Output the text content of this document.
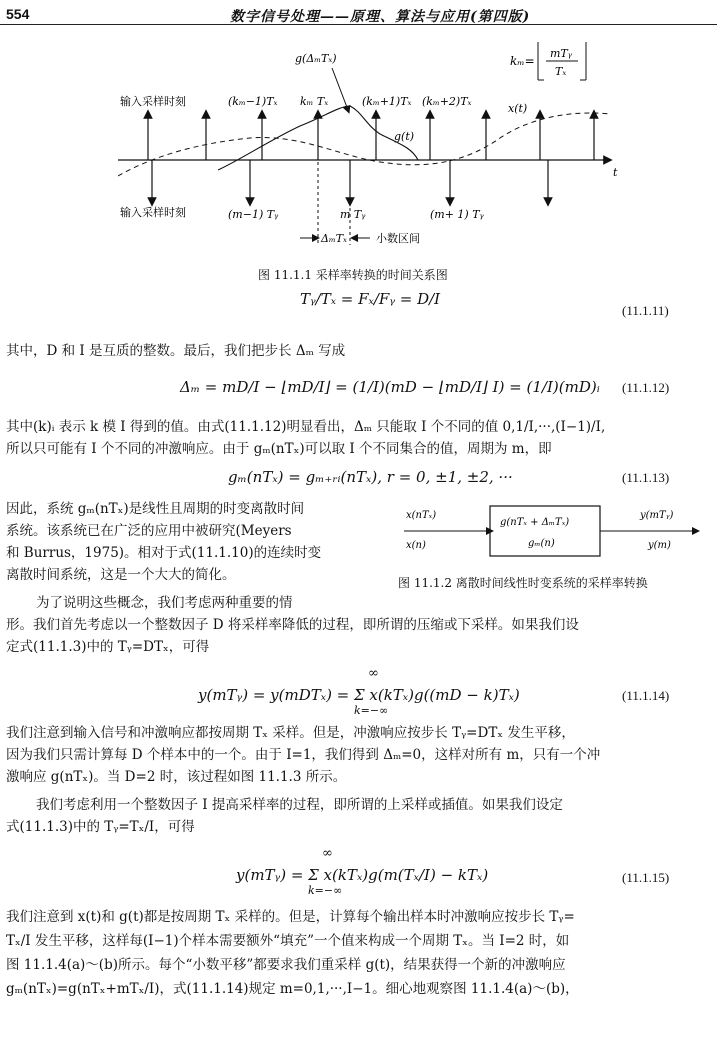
554	数字信号处理——原理、算法与应用(第四版)
kₘ=
mTᵧ
Tₓ
g(ΔₘTₓ)
输入采样时刻
输入采样时刻
(kₘ−1)Tₓ kₘ Tₓ	(kₘ+1)Tₓ (kₘ+2)Tₓ
x(t)
g(t)
t
(m−1) Tᵧ	m Tᵧ	(m+ 1) Tᵧ
ΔₘTₓ	小数区间
图 11.1.1 采样率转换的时间关系图
Tᵧ/Tₓ = Fₓ/Fᵧ = D/I
(11.1.11)
其中，D 和 I 是互质的整数。最后，我们把步长 Δₘ 写成
Δₘ = mD/I − ⌊mD/I⌋ = (1/I)(mD − ⌊mD/I⌋ I) = (1/I)(mD)ᵢ (11.1.12)
其中(k)ᵢ 表示 k 模 I 得到的值。由式(11.1.12)明显看出，Δₘ 只能取 I 个不同的值 0,1/I,···,(I−1)/I,
所以只可能有 I 个不同的冲激响应。由于 gₘ(nTₓ)可以取 I 个不同集合的值，周期为 m，即
gₘ(nTₓ) = gₘ₊ᵣᵢ(nTₓ), r = 0, ±1, ±2, ···	(11.1.13)
因此，系统 gₘ(nTₓ)是线性且周期的时变离散时间
系统。该系统已在广泛的应用中被研究(Meyers
和 Burrus，1975)。相对于式(11.1.10)的连续时变
离散时间系统，这是一个大大的简化。
为了说明这些概念，我们考虑两种重要的情
x(nTₓ)
x(n)
g(nTₓ + ΔₘTₓ)
gₘ(n)
y(mTᵧ)
y(m)
图 11.1.2 离散时间线性时变系统的采样率转换
形。我们首先考虑以一个整数因子 D 将采样率降低的过程，即所谓的压缩或下采样。如果我们设
定式(11.1.3)中的 Tᵧ=DTₓ，可得
y(mTᵧ) = y(mDTₓ) = Σ x(kTₓ)g((mD − k)Tₓ)
∞
k=−∞
(11.1.14)
我们注意到输入信号和冲激响应都按周期 Tₓ 采样。但是，冲激响应按步长 Tᵧ=DTₓ 发生平移，
因为我们只需计算每 D 个样本中的一个。由于 I=1，我们得到 Δₘ=0，这样对所有 m，只有一个冲
激响应 g(nTₓ)。当 D=2 时，该过程如图 11.1.3 所示。
我们考虑利用一个整数因子 I 提高采样率的过程，即所谓的上采样或插值。如果我们设定
式(11.1.3)中的 Tᵧ=Tₓ/I，可得
y(mTᵧ) = Σ x(kTₓ)g(m(Tₓ/I) − kTₓ)
∞
k=−∞
(11.1.15)
我们注意到 x(t)和 g(t)都是按周期 Tₓ 采样的。但是，计算每个输出样本时冲激响应按步长 Tᵧ=
Tₓ/I 发生平移，这样每(I−1)个样本需要额外“填充”一个值来构成一个周期 Tₓ。当 I=2 时，如
图 11.1.4(a)～(b)所示。每个“小数平移”都要求我们重采样 g(t)，结果获得一个新的冲激响应
gₘ(nTₓ)=g(nTₓ+mTₓ/I)，式(11.1.14)规定 m=0,1,···,I−1。细心地观察图 11.1.4(a)～(b)，
